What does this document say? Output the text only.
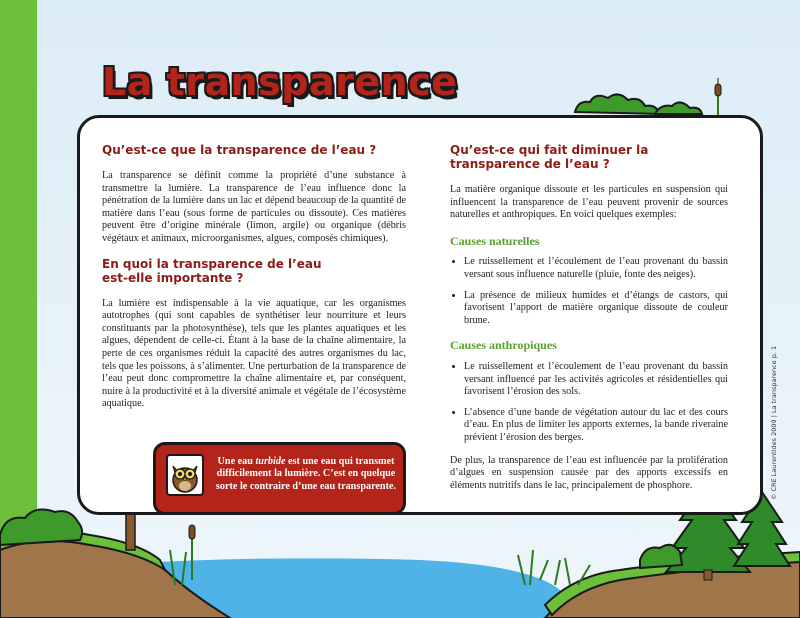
La transparence
Qu’est-ce que la transparence de l’eau ?

La transparence se définit comme la propriété d’une substance à transmettre la lumière. La transparence de l’eau influence donc la pénétration de la lumière dans un lac et dépend beaucoup de la quantité de matière dans l’eau (sous forme de particules ou dissoute). Ces matières peuvent être d’origine minérale (limon, argile) ou organique (débris végétaux et animaux, microorganismes, algues, composés chimiques).

En quoi la transparence de l’eau
est-elle importante ?

La lumière est indispensable à la vie aquatique, car les organismes autotrophes (qui sont capables de synthétiser leur nourriture et leurs constituants par la photosynthèse), tels que les plantes aquatiques et les algues, dépendent de celle-ci. Étant à la base de la chaîne alimentaire, la perte de ces organismes réduit la capacité des autres organismes du lac, tels que les poissons, à s’alimenter. Une perturbation de la transparence de l’eau peut donc compromettre la chaîne alimentaire et, par conséquent, nuire à la productivité et à la diversité animale et végétale de l’écosystème aquatique.

Une eau turbide est une eau qui transmet difficilement la lumière. C’est en quelque sorte le contraire d’une eau transparente.

Qu’est-ce qui fait diminuer la
transparence de l’eau ?

La matière organique dissoute et les particules en suspension qui influencent la transparence de l’eau peuvent provenir de sources naturelles et anthropiques. En voici quelques exemples:

Causes naturelles
• Le ruissellement et l’écoulement de l’eau provenant du bassin versant sous influence naturelle (pluie, fonte des neiges).
• La présence de milieux humides et d’étangs de castors, qui favorisent l’apport de matière organique dissoute de couleur brune.
Causes anthropiques
• Le ruissellement et l’écoulement de l’eau provenant du bassin versant influencé par les activités agricoles et résidentielles qui favorisent l’érosion des sols.
• L’absence d’une bande de végétation autour du lac et des cours d’eau. En plus de limiter les apports externes, la bande riveraine prévient l’érosion des berges.

De plus, la transparence de l’eau est influencée par la prolifération d’algues en suspension causée par des apports excessifs en éléments nutritifs dans le lac, principalement de phosphore.	© CRE Laurentides 2009 | La transparence p. 1
